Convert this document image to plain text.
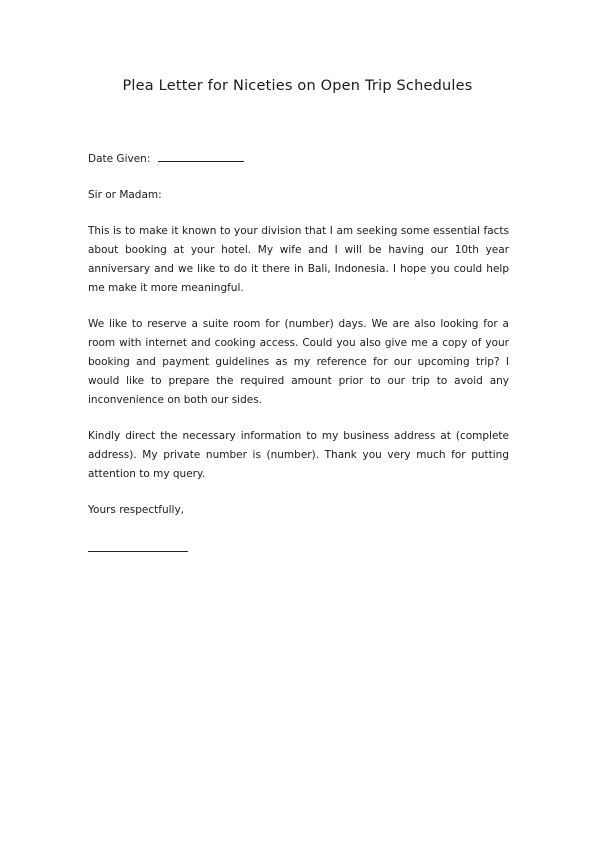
Plea Letter for Niceties on Open Trip Schedules

Date Given:

Sir or Madam:

This is to make it known to your division that I am seeking some essential facts about booking at your hotel. My wife and I will be having our 10th year anniversary and we like to do it there in Bali, Indonesia. I hope you could help me make it more meaningful.

We like to reserve a suite room for (number) days. We are also looking for a room with internet and cooking access. Could you also give me a copy of your booking and payment guidelines as my reference for our upcoming trip? I would like to prepare the required amount prior to our trip to avoid any inconvenience on both our sides.

Kindly direct the necessary information to my business address at (complete address). My private number is (number). Thank you very much for putting attention to my query.

Yours respectfully,
